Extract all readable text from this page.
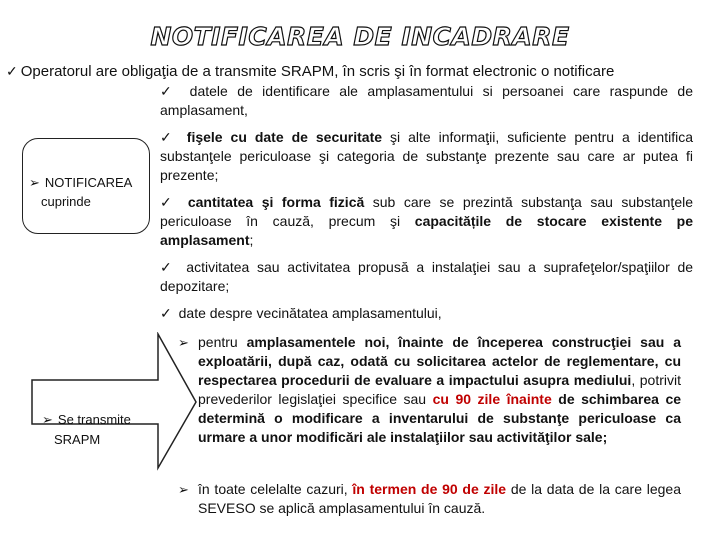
NOTIFICAREA DE INCADRARE
✓ Operatorul are obligaţia de a transmite SRAPM, în scris şi în format electronic o notificare
➢ NOTIFICAREA
cuprinde
✓ datele de identificare ale amplasamentului si persoanei care raspunde de amplasament,
✓ fişele cu date de securitate şi alte informaţii, suficiente pentru a identifica substanţele periculoase şi categoria de substanţe prezente sau care ar putea fi prezente;
✓ cantitatea şi forma fizică sub care se prezintă substanţa sau substanţele periculoase în cauză, precum şi capacitățile de stocare existente pe amplasament;
✓ activitatea sau activitatea propusă a instalaţiei sau a suprafeţelor/spaţiilor de depozitare;
✓ date despre vecinătatea amplasamentului,
➢ Se transmite
SRAPM
➢ pentru amplasamentele noi, înainte de începerea construcţiei sau a exploatării, după caz, odată cu solicitarea actelor de reglementare, cu respectarea procedurii de evaluare a impactului asupra mediului, potrivit prevederilor legislaţiei specifice sau cu 90 zile înainte de schimbarea ce determină o modificare a inventarului de substanţe periculoase ca urmare a unor modificări ale instalaţiilor sau activităţilor sale;
➢ în toate celelalte cazuri, în termen de 90 de zile de la data de la care legea SEVESO se aplică amplasamentului în cauză.
